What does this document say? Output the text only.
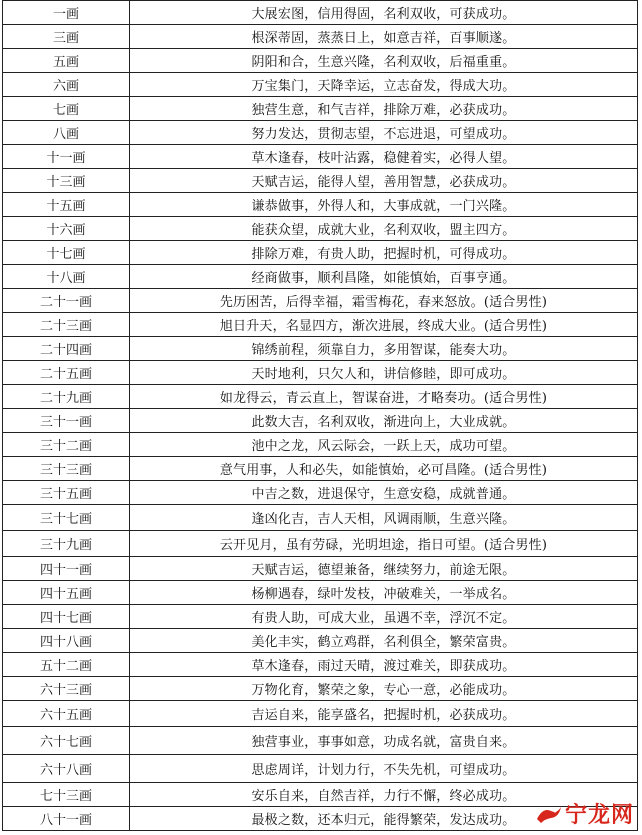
一画	大展宏图，信用得固，名利双收，可获成功。
三画	根深蒂固，蒸蒸日上，如意吉祥，百事顺遂。
五画	阴阳和合，生意兴隆，名利双收，后福重重。
六画	万宝集门，天降幸运，立志奋发，得成大功。
七画	独营生意，和气吉祥，排除万难，必获成功。
八画	努力发达，贯彻志望，不忘进退，可望成功。
十一画	草木逢春，枝叶沾露，稳健着实，必得人望。
十三画	天赋吉运，能得人望，善用智慧，必获成功。
十五画	谦恭做事，外得人和，大事成就，一门兴隆。
十六画	能获众望，成就大业，名利双收，盟主四方。
十七画	排除万难，有贵人助，把握时机，可得成功。
十八画	经商做事，顺利昌隆，如能慎始，百事亨通。
二十一画	先历困苦，后得幸福，霜雪梅花，春来怒放。(适合男性)
二十三画	旭日升天，名显四方，渐次进展，终成大业。(适合男性)
二十四画	锦绣前程，须靠自力，多用智谋，能奏大功。
二十五画	天时地利，只欠人和，讲信修睦，即可成功。
二十九画	如龙得云，青云直上，智谋奋进，才略奏功。(适合男性)
三十一画	此数大吉，名利双收，渐进向上，大业成就。
三十二画	池中之龙，风云际会，一跃上天，成功可望。
三十三画	意气用事，人和必失，如能慎始，必可昌隆。(适合男性)
三十五画	中吉之数，进退保守，生意安稳，成就普通。
三十七画	逢凶化吉，吉人天相，风调雨顺，生意兴隆。
三十九画	云开见月，虽有劳碌，光明坦途，指日可望。(适合男性)
四十一画	天赋吉运，德望兼备，继续努力，前途无限。
四十五画	杨柳遇春，绿叶发枝，冲破难关，一举成名。
四十七画	有贵人助，可成大业，虽遇不幸，浮沉不定。
四十八画	美化丰实，鹤立鸡群，名利俱全，繁荣富贵。
五十二画	草木逢春，雨过天晴，渡过难关，即获成功。
六十三画	万物化育，繁荣之象，专心一意，必能成功。
六十五画	吉运自来，能享盛名，把握时机，必获成功。
六十七画	独营事业，事事如意，功成名就，富贵自来。
六十八画	思虑周详，计划力行，不失先机，可望成功。
七十三画	安乐自来，自然吉祥，力行不懈，终必成功。
八十一画	最极之数，还本归元，能得繁荣，发达成功。 宁龙网
